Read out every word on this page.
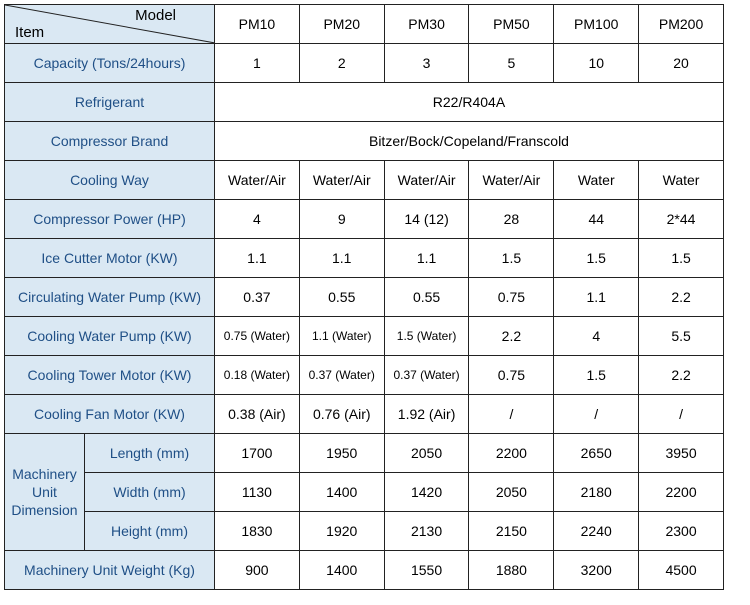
Model
Item		PM10	PM20	PM30	PM50	PM100	PM200
Capacity (Tons/24hours)		1	2	3	5	10	20
Refrigerant		R22/R404A					
Compressor Brand		Bitzer/Bock/Copeland/Franscold					
Cooling Way		Water/Air	Water/Air	Water/Air	Water/Air	Water	Water
Compressor Power (HP)		4	9	14 (12)	28	44	2*44
Ice Cutter Motor (KW)		1.1	1.1	1.1	1.5	1.5	1.5
Circulating Water Pump (KW)		0.37	0.55	0.55	0.75	1.1	2.2
Cooling Water Pump (KW)		0.75 (Water)	1.1 (Water)	1.5 (Water)	2.2	4	5.5
Cooling Tower Motor (KW)		0.18 (Water)	0.37 (Water)	0.37 (Water)	0.75	1.5	2.2
Cooling Fan Motor (KW)		0.38 (Air)	0.76 (Air)	1.92 (Air)	/	/	/
Machinery
Unit
Dimension	Length (mm)	1700	1950	2050	2200	2650	3950
	Width (mm)	1130	1400	1420	2050	2180	2200
	Height (mm)	1830	1920	2130	2150	2240	2300
Machinery Unit Weight (Kg)		900	1400	1550	1880	3200	4500
